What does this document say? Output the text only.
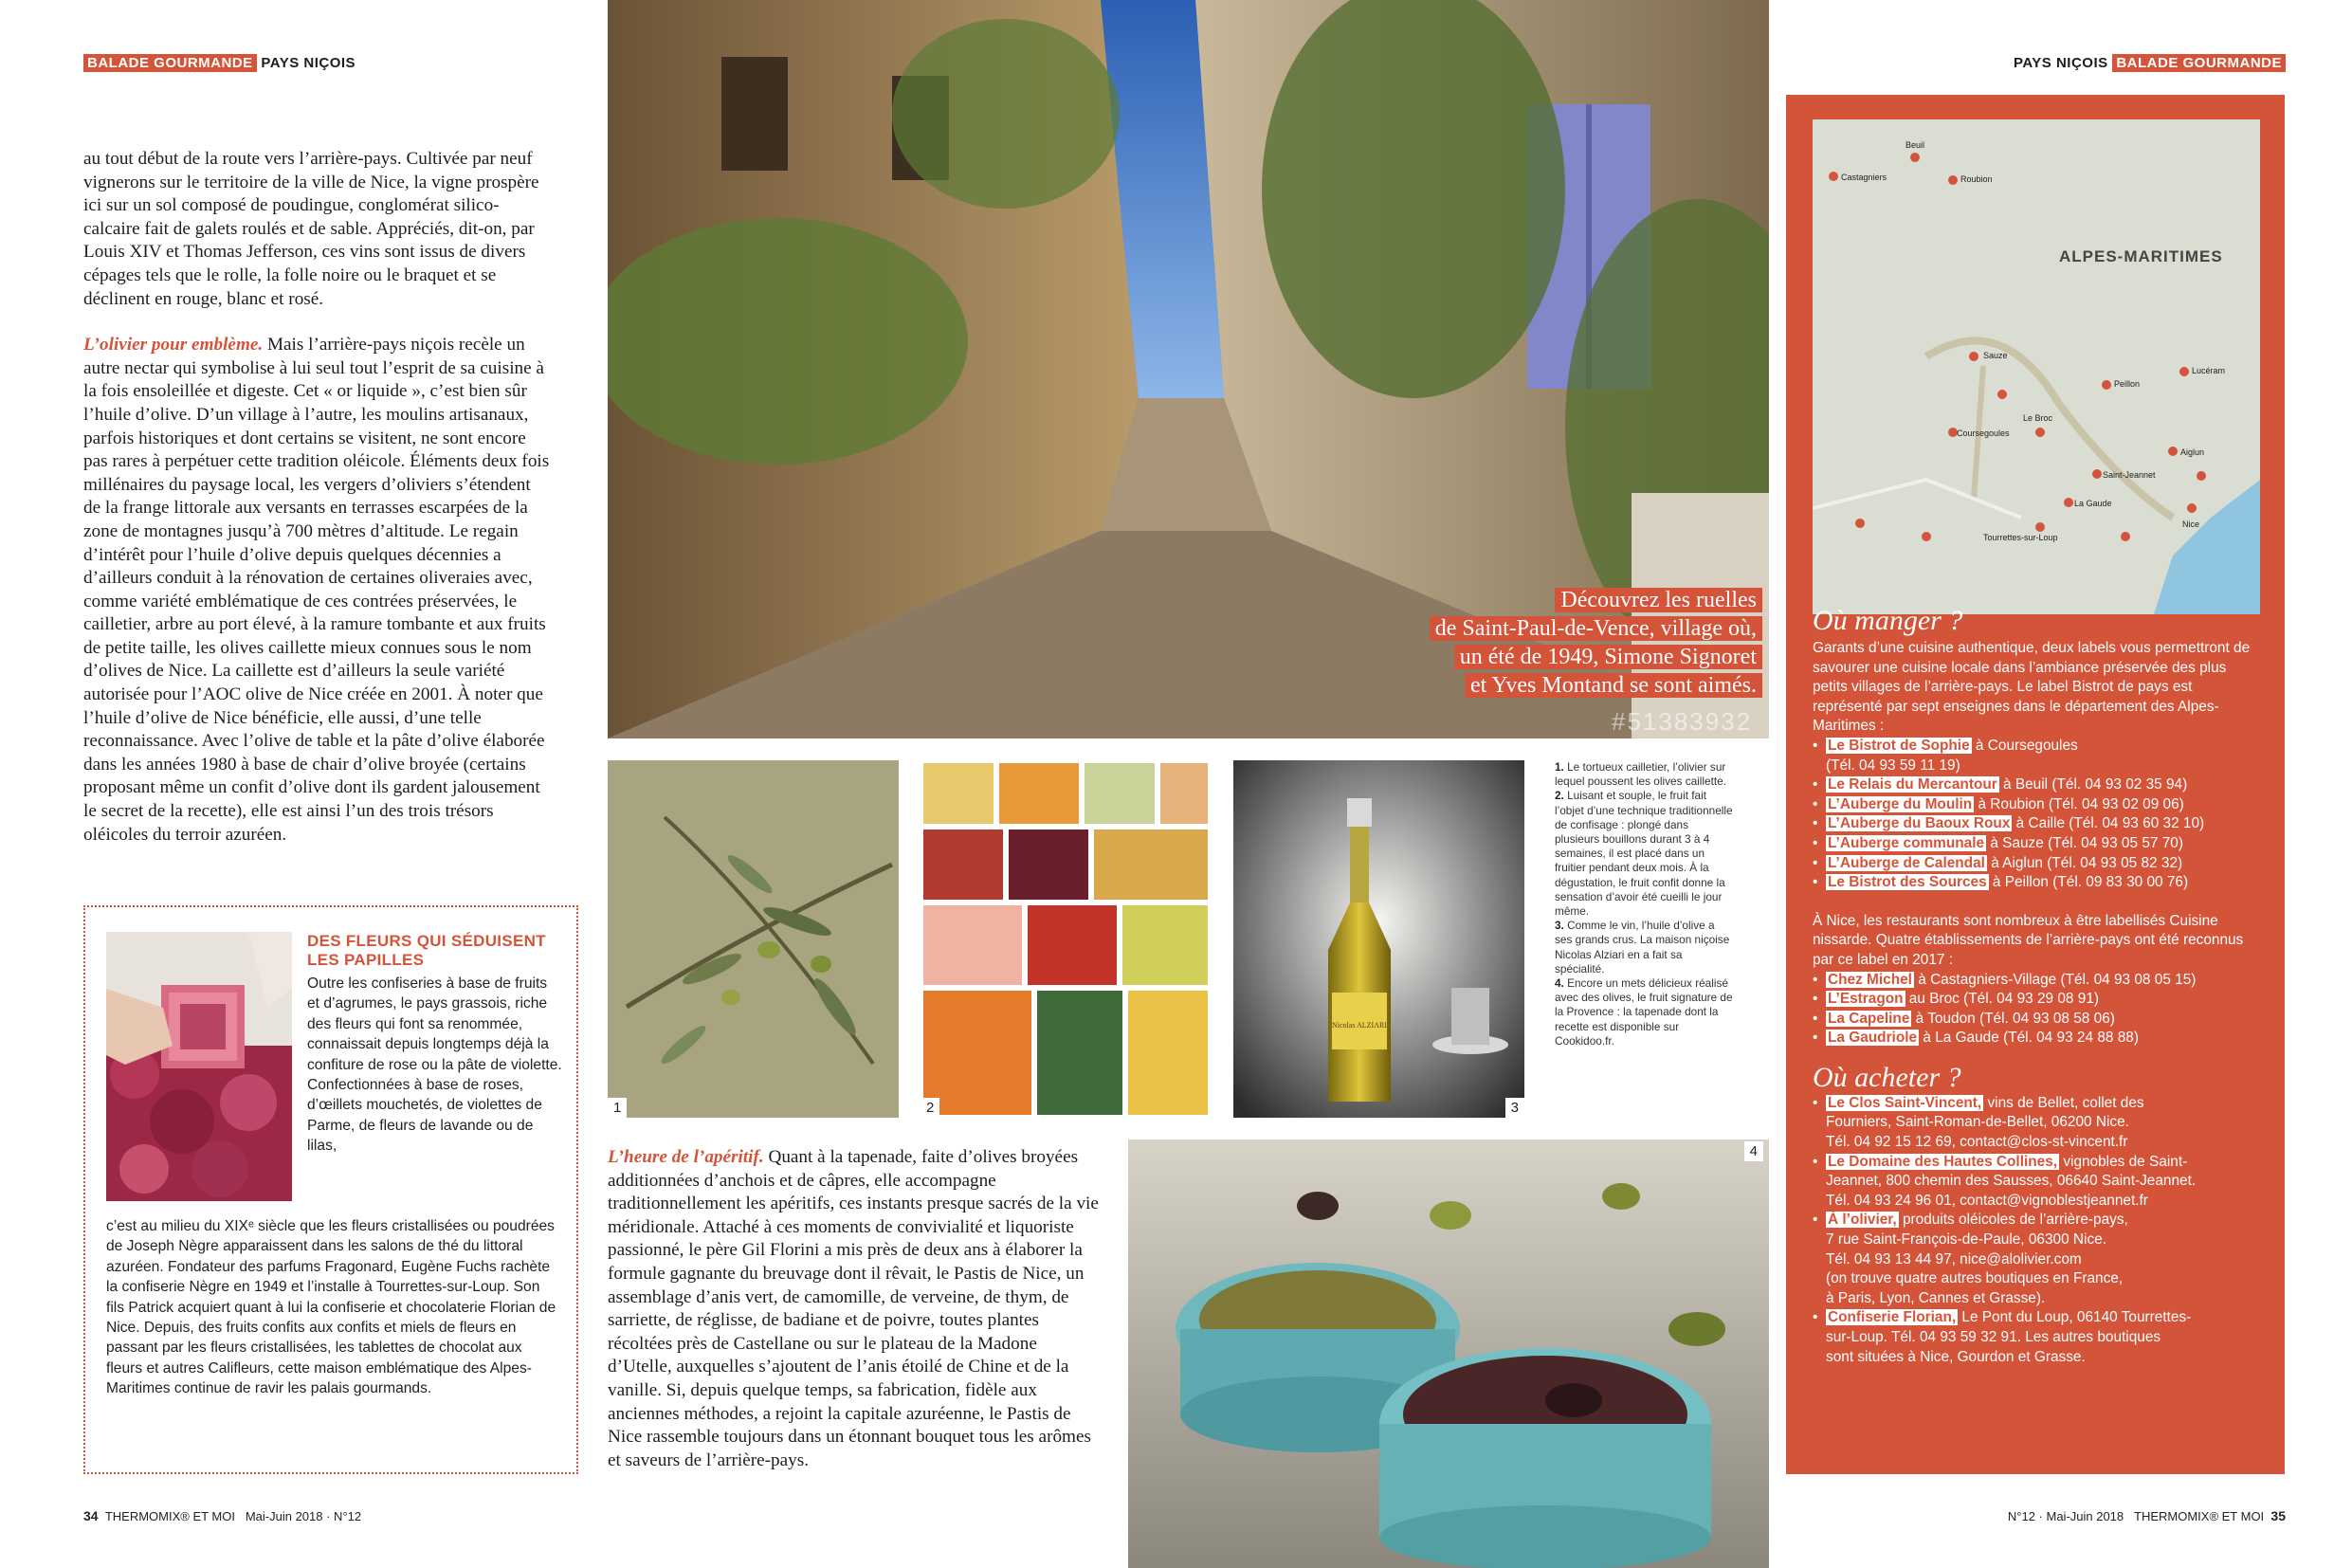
BALADE GOURMANDE PAYS NIÇOIS	PAYS NIÇOIS BALADE GOURMANDE

au tout début de la route vers l’arrière-pays. Cultivée par neuf vignerons sur le territoire de la ville de Nice, la vigne prospère ici sur un sol composé de poudingue, conglomérat silico-calcaire fait de galets roulés et de sable. Appréciés, dit-on, par Louis XIV et Thomas Jefferson, ces vins sont issus de divers cépages tels que le rolle, la folle noire ou le braquet et se déclinent en rouge, blanc et rosé.

L’olivier pour emblème. Mais l’arrière-pays niçois recèle un autre nectar qui symbolise à lui seul tout l’esprit de sa cuisine à la fois ensoleillée et digeste. Cet « or liquide », c’est bien sûr l’huile d’olive. D’un village à l’autre, les moulins artisanaux, parfois historiques et dont certains se visitent, ne sont encore pas rares à perpétuer cette tradition oléicole. Éléments deux fois millénaires du paysage local, les vergers d’oliviers s’étendent de la frange littorale aux versants en terrasses escarpées de la zone de montagnes jusqu’à 700 mètres d’altitude. Le regain d’intérêt pour l’huile d’olive depuis quelques décennies a d’ailleurs conduit à la rénovation de certaines oliveraies avec, comme variété emblématique de ces contrées préservées, le cailletier, arbre au port élevé, à la ramure tombante et aux fruits de petite taille, les olives caillette mieux connues sous le nom d’olives de Nice. La caillette est d’ailleurs la seule variété autorisée pour l’AOC olive de Nice créée en 2001. À noter que l’huile d’olive de Nice bénéficie, elle aussi, d’une telle reconnaissance. Avec l’olive de table et la pâte d’olive élaborée dans les années 1980 à base de chair d’olive broyée (certains proposant même un confit d’olive dont ils gardent jalousement le secret de la recette), elle est ainsi l’un des trois trésors oléicoles du terroir azuréen.

DES FLEURS QUI SÉDUISENT LES PAPILLES
Outre les confiseries à base de fruits et d’agrumes, le pays grassois, riche des fleurs qui font sa renommée, connaissait depuis longtemps déjà la confiture de rose ou la pâte de violette. Confectionnées à base de roses, d’œillets mouchetés, de violettes de Parme, de fleurs de lavande ou de lilas,
c’est au milieu du XIXᵉ siècle que les fleurs cristallisées ou poudrées de Joseph Nègre apparaissent dans les salons de thé du littoral azuréen. Fondateur des parfums Fragonard, Eugène Fuchs rachète la confiserie Nègre en 1949 et l’installe à Tourrettes-sur-Loup. Son fils Patrick acquiert quant à lui la confiserie et chocolaterie Florian de Nice. Depuis, des fruits confits aux confits et miels de fleurs en passant par les fleurs cristallisées, les tablettes de chocolat aux fleurs et autres Califleurs, cette maison emblématique des Alpes-Maritimes continue de ravir les palais gourmands.
Découvrez les ruelles
de Saint-Paul-de-Vence, village où,
un été de 1949, Simone Signoret
et Yves Montand se sont aimés.
#51383932
1	2
Nicolas ALZIARI
3
1. Le tortueux cailletier, l’olivier sur lequel poussent les olives caillette.
2. Luisant et souple, le fruit fait l’objet d’une technique traditionnelle de confisage : plongé dans plusieurs bouillons durant 3 à 4 semaines, il est placé dans un fruitier pendant deux mois. À la dégustation, le fruit confit donne la sensation d’avoir été cueilli le jour même.
3. Comme le vin, l’huile d’olive a ses grands crus. La maison niçoise Nicolas Alziari en a fait sa spécialité.
4. Encore un mets délicieux réalisé avec des olives, le fruit signature de la Provence : la tapenade dont la recette est disponible sur Cookidoo.fr.

L’heure de l’apéritif. Quant à la tapenade, faite d’olives broyées additionnées d’anchois et de câpres, elle accompagne traditionnellement les apéritifs, ces instants presque sacrés de la vie méridionale. Attaché à ces moments de convivialité et liquoriste passionné, le père Gil Florini a mis près de deux ans à élaborer la formule gagnante du breuvage dont il rêvait, le Pastis de Nice, un assemblage d’anis vert, de camomille, de verveine, de thym, de sarriette, de réglisse, de badiane et de poivre, toutes plantes récoltées près de Castellane ou sur le plateau de la Madone d’Utelle, auxquelles s’ajoutent de l’anis étoilé de Chine et de la vanille. Si, depuis quelque temps, sa fabrication, fidèle aux anciennes méthodes, a rejoint la capitale azuréenne, le Pastis de Nice rassemble toujours dans un étonnant bouquet tous les arômes et saveurs de l’arrière-pays.

4
Castagniers
Beuil
Roubion
Sauze
Peillon
Lucéram
Coursegoules
Le Broc
Saint-Jeannet
Aiglun
Nice
La Gaude
Tourrettes-sur-Loup
ALPES-MARITIMES
Où manger ?
Garants d’une cuisine authentique, deux labels vous permettront de savourer une cuisine locale dans l’ambiance préservée des plus petits villages de l’arrière-pays. Le label Bistrot de pays est représenté par sept enseignes dans le département des Alpes-Maritimes :
• Le Bistrot de Sophie à Coursegoules
(Tél. 04 93 59 11 19)
• Le Relais du Mercantour à Beuil (Tél. 04 93 02 35 94)
• L’Auberge du Moulin à Roubion (Tél. 04 93 02 09 06)
• L’Auberge du Baoux Roux à Caille (Tél. 04 93 60 32 10)
• L’Auberge communale à Sauze (Tél. 04 93 05 57 70)
• L’Auberge de Calendal à Aiglun (Tél. 04 93 05 82 32)
• Le Bistrot des Sources à Peillon (Tél. 09 83 30 00 76)
À Nice, les restaurants sont nombreux à être labellisés Cuisine nissarde. Quatre établissements de l’arrière-pays ont été reconnus par ce label en 2017 :
• Chez Michel à Castagniers-Village (Tél. 04 93 08 05 15)
• L’Estragon au Broc (Tél. 04 93 29 08 91)
• La Capeline à Toudon (Tél. 04 93 08 58 06)
• La Gaudriole à La Gaude (Tél. 04 93 24 88 88)
Où acheter ?
• Le Clos Saint-Vincent, vins de Bellet, collet des
Fourniers, Saint-Roman-de-Bellet, 06200 Nice.
Tél. 04 92 15 12 69, contact@clos-st-vincent.fr
• Le Domaine des Hautes Collines, vignobles de Saint-
Jeannet, 800 chemin des Sausses, 06640 Saint-Jeannet.
Tél. 04 93 24 96 01, contact@vignoblestjeannet.fr
• À l’olivier, produits oléicoles de l’arrière-pays,
7 rue Saint-François-de-Paule, 06300 Nice.
Tél. 04 93 13 44 97, nice@alolivier.com
(on trouve quatre autres boutiques en France,
à Paris, Lyon, Cannes et Grasse).
• Confiserie Florian, Le Pont du Loup, 06140 Tourrettes-
sur-Loup. Tél. 04 93 59 32 91. Les autres boutiques
sont situées à Nice, Gourdon et Grasse.
34 THERMOMIX® ET MOI Mai-Juin 2018 · N°12	N°12 · Mai-Juin 2018 THERMOMIX® ET MOI 35
